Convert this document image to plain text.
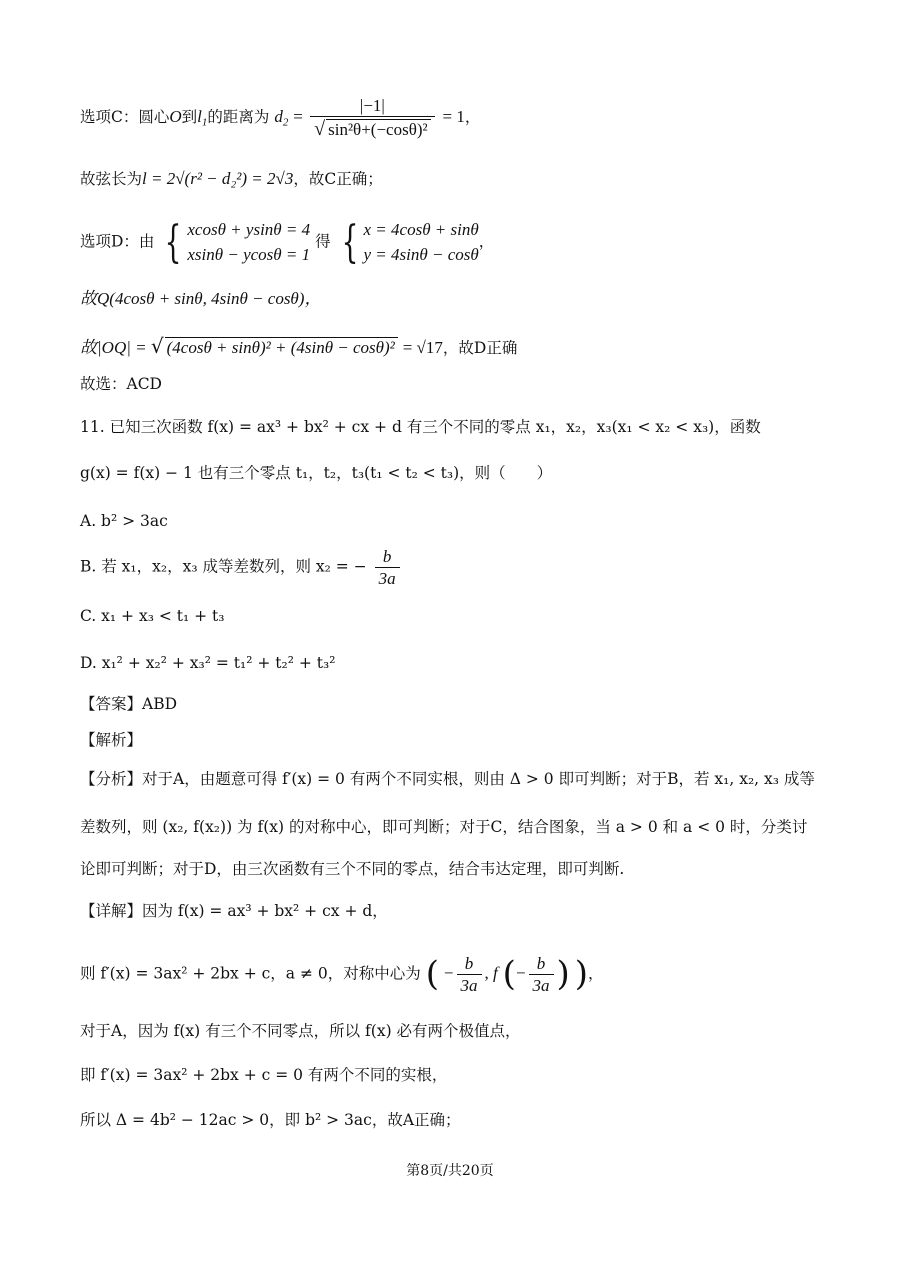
选项C：圆心O到$l_1$的距离为 $d_2 = \frac{|-1|}{\text{√ sin²θ+(−cosθ)²}} = 1$，
故弦长为l = 2√(r² − d₂²) = 2√3，故C正确；
选项D：由 { xcosθ + ysinθ = 4
xsinθ − ycosθ = 1
得 { x = 4cosθ + sinθ
y = 4sinθ − cosθ
，
故Q(4cosθ + sinθ, 4sinθ − cosθ)，
故|OQ| = √ (4cosθ + sinθ)² + (4sinθ − cosθ)² = √17，故D正确
故选：ACD
11. 已知三次函数 f(x) = ax³ + bx² + cx + d 有三个不同的零点 x₁，x₂，x₃(x₁ < x₂ < x₃)，函数
g(x) = f(x) − 1 也有三个零点 t₁，t₂，t₃(t₁ < t₂ < t₃)，则（　　）
A. b² > 3ac
B. 若 x₁，x₂，x₃ 成等差数列，则 x₂ = − $\frac{b}{3a}$
C. x₁ + x₃ < t₁ + t₃
D. x₁² + x₂² + x₃² = t₁² + t₂² + t₃²
【答案】ABD
【解析】
【分析】对于A，由题意可得 f′(x) = 0 有两个不同实根，则由 Δ > 0 即可判断；对于B，若 x₁, x₂, x₃ 成等
差数列，则 (x₂, f(x₂)) 为 f(x) 的对称中心，即可判断；对于C，结合图象，当 a > 0 和 a < 0 时，分类讨
论即可判断；对于D，由三次函数有三个不同的零点，结合韦达定理，即可判断.
【详解】因为 f(x) = ax³ + bx² + cx + d，
则 f′(x) = 3ax² + 2bx + c，a ≠ 0，对称中心为 ( − $\frac{b}{3a}$ , f (− $\frac{b}{3a}$ ) )，
对于A，因为 f(x) 有三个不同零点，所以 f(x) 必有两个极值点，
即 f′(x) = 3ax² + 2bx + c = 0 有两个不同的实根，
所以 Δ = 4b² − 12ac > 0，即 b² > 3ac，故A正确；
第8页/共20页
